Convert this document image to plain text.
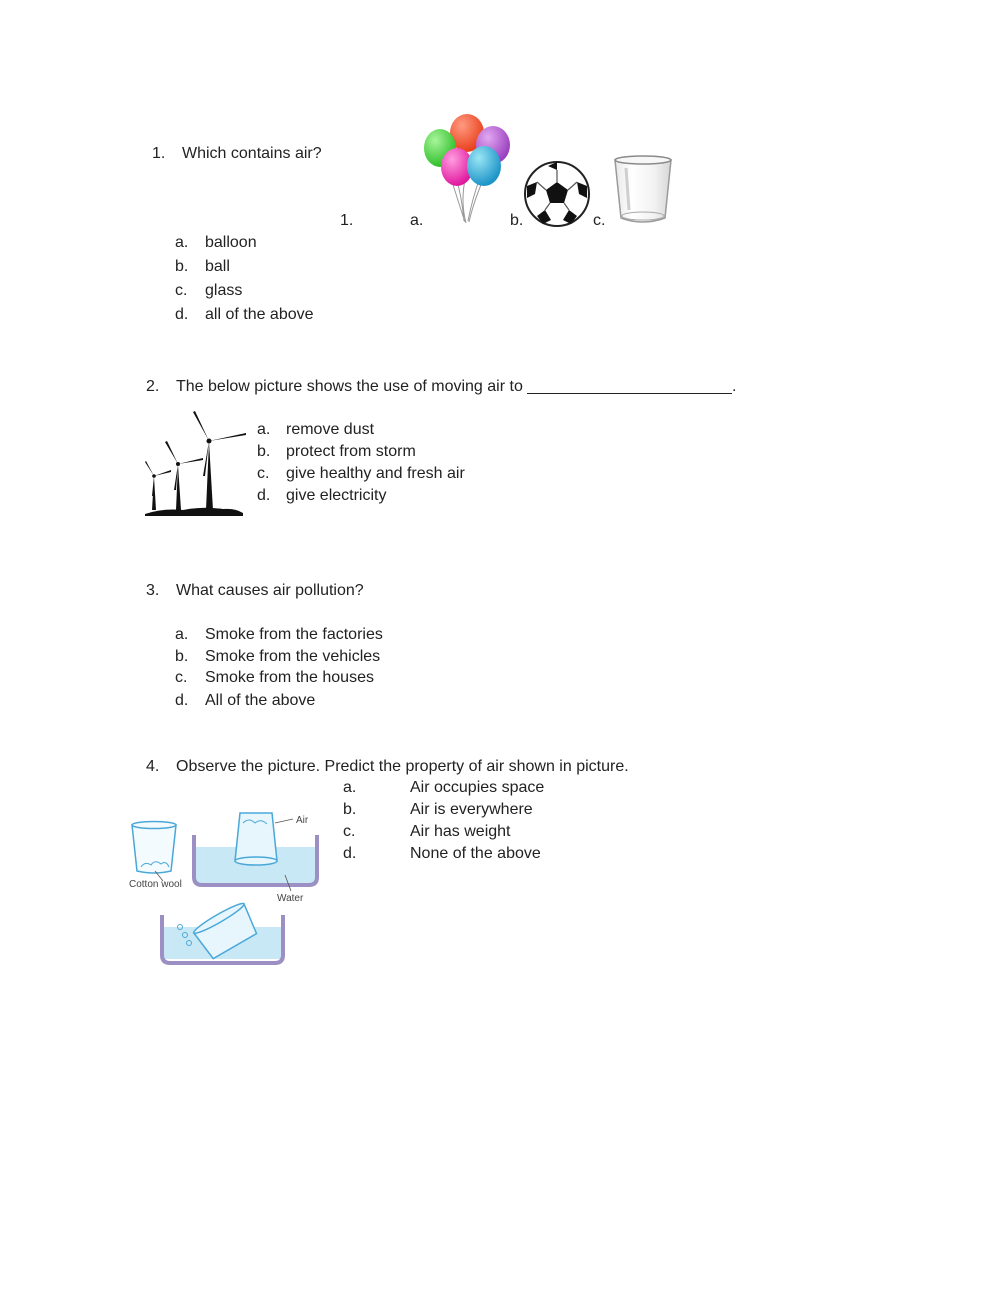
1. Which contains air?
1.	a.	b.	c.
a. balloon
b. ball
c. glass
d. all of the above
2. The below picture shows the use of moving air to _______________________.
a. remove dust
b. protect from storm
c. give healthy and fresh air
d. give electricity
3. What causes air pollution?
a. Smoke from the factories
b. Smoke from the vehicles
c. Smoke from the houses
d. All of the above
4. Observe the picture. Predict the property of air shown in picture.
a.	Air occupies space
b.	Air is everywhere
c.	Air has weight
d.	None of the above
Air
Water
Cotton wool
